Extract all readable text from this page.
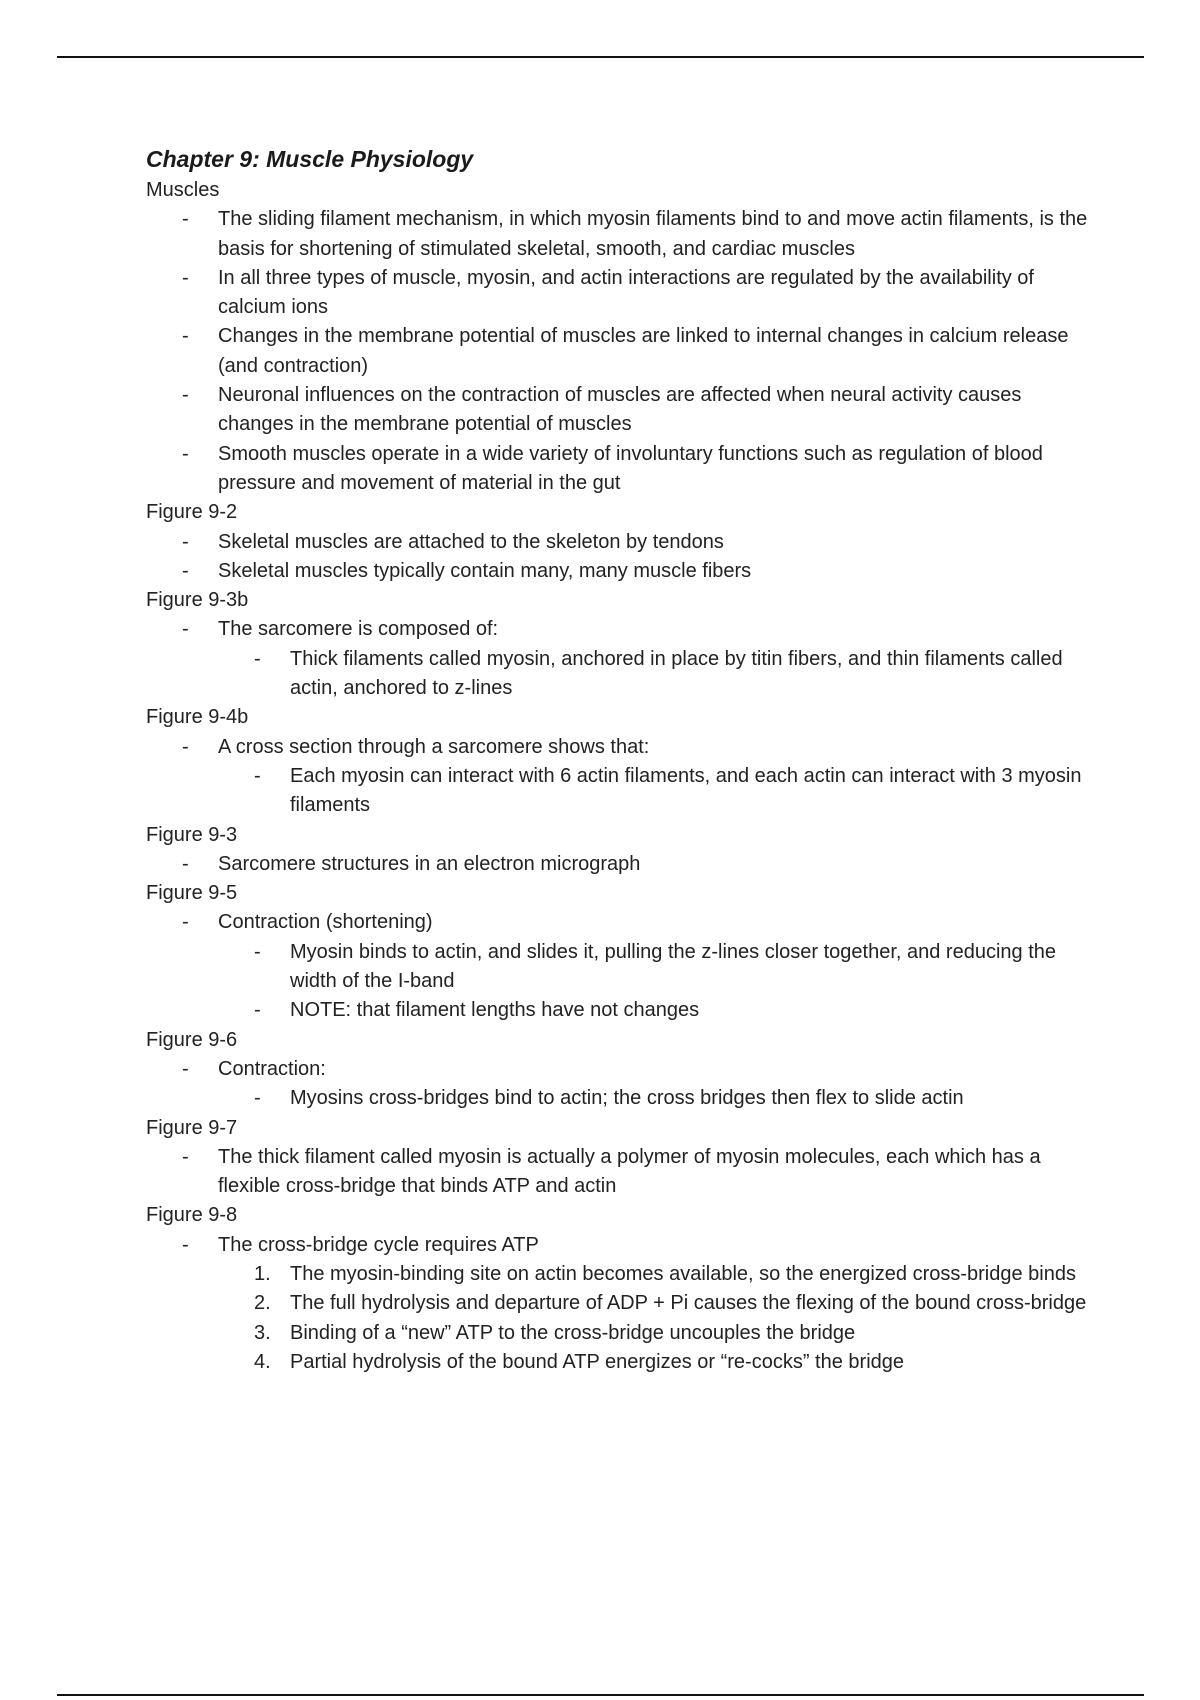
Chapter 9: Muscle Physiology

Muscles

- The sliding filament mechanism, in which myosin filaments bind to and move actin filaments, is the basis for shortening of stimulated skeletal, smooth, and cardiac muscles
- In all three types of muscle, myosin, and actin interactions are regulated by the availability of calcium ions
- Changes in the membrane potential of muscles are linked to internal changes in calcium release (and contraction)
- Neuronal influences on the contraction of muscles are affected when neural activity causes changes in the membrane potential of muscles
- Smooth muscles operate in a wide variety of involuntary functions such as regulation of blood pressure and movement of material in the gut

Figure 9-2

- Skeletal muscles are attached to the skeleton by tendons
- Skeletal muscles typically contain many, many muscle fibers

Figure 9-3b

- The sarcomere is composed of:
- Thick filaments called myosin, anchored in place by titin fibers, and thin filaments called actin, anchored to z-lines

Figure 9-4b

- A cross section through a sarcomere shows that:
- Each myosin can interact with 6 actin filaments, and each actin can interact with 3 myosin filaments

Figure 9-3

- Sarcomere structures in an electron micrograph

Figure 9-5

- Contraction (shortening)
- Myosin binds to actin, and slides it, pulling the z-lines closer together, and reducing the width of the I-band
- NOTE: that filament lengths have not changes

Figure 9-6

- Contraction:
- Myosins cross-bridges bind to actin; the cross bridges then flex to slide actin

Figure 9-7

- The thick filament called myosin is actually a polymer of myosin molecules, each which has a flexible cross-bridge that binds ATP and actin

Figure 9-8

- The cross-bridge cycle requires ATP
1. The myosin-binding site on actin becomes available, so the energized cross-bridge binds
2. The full hydrolysis and departure of ADP + Pi causes the flexing of the bound cross-bridge
3. Binding of a “new” ATP to the cross-bridge uncouples the bridge
4. Partial hydrolysis of the bound ATP energizes or “re-cocks” the bridge
